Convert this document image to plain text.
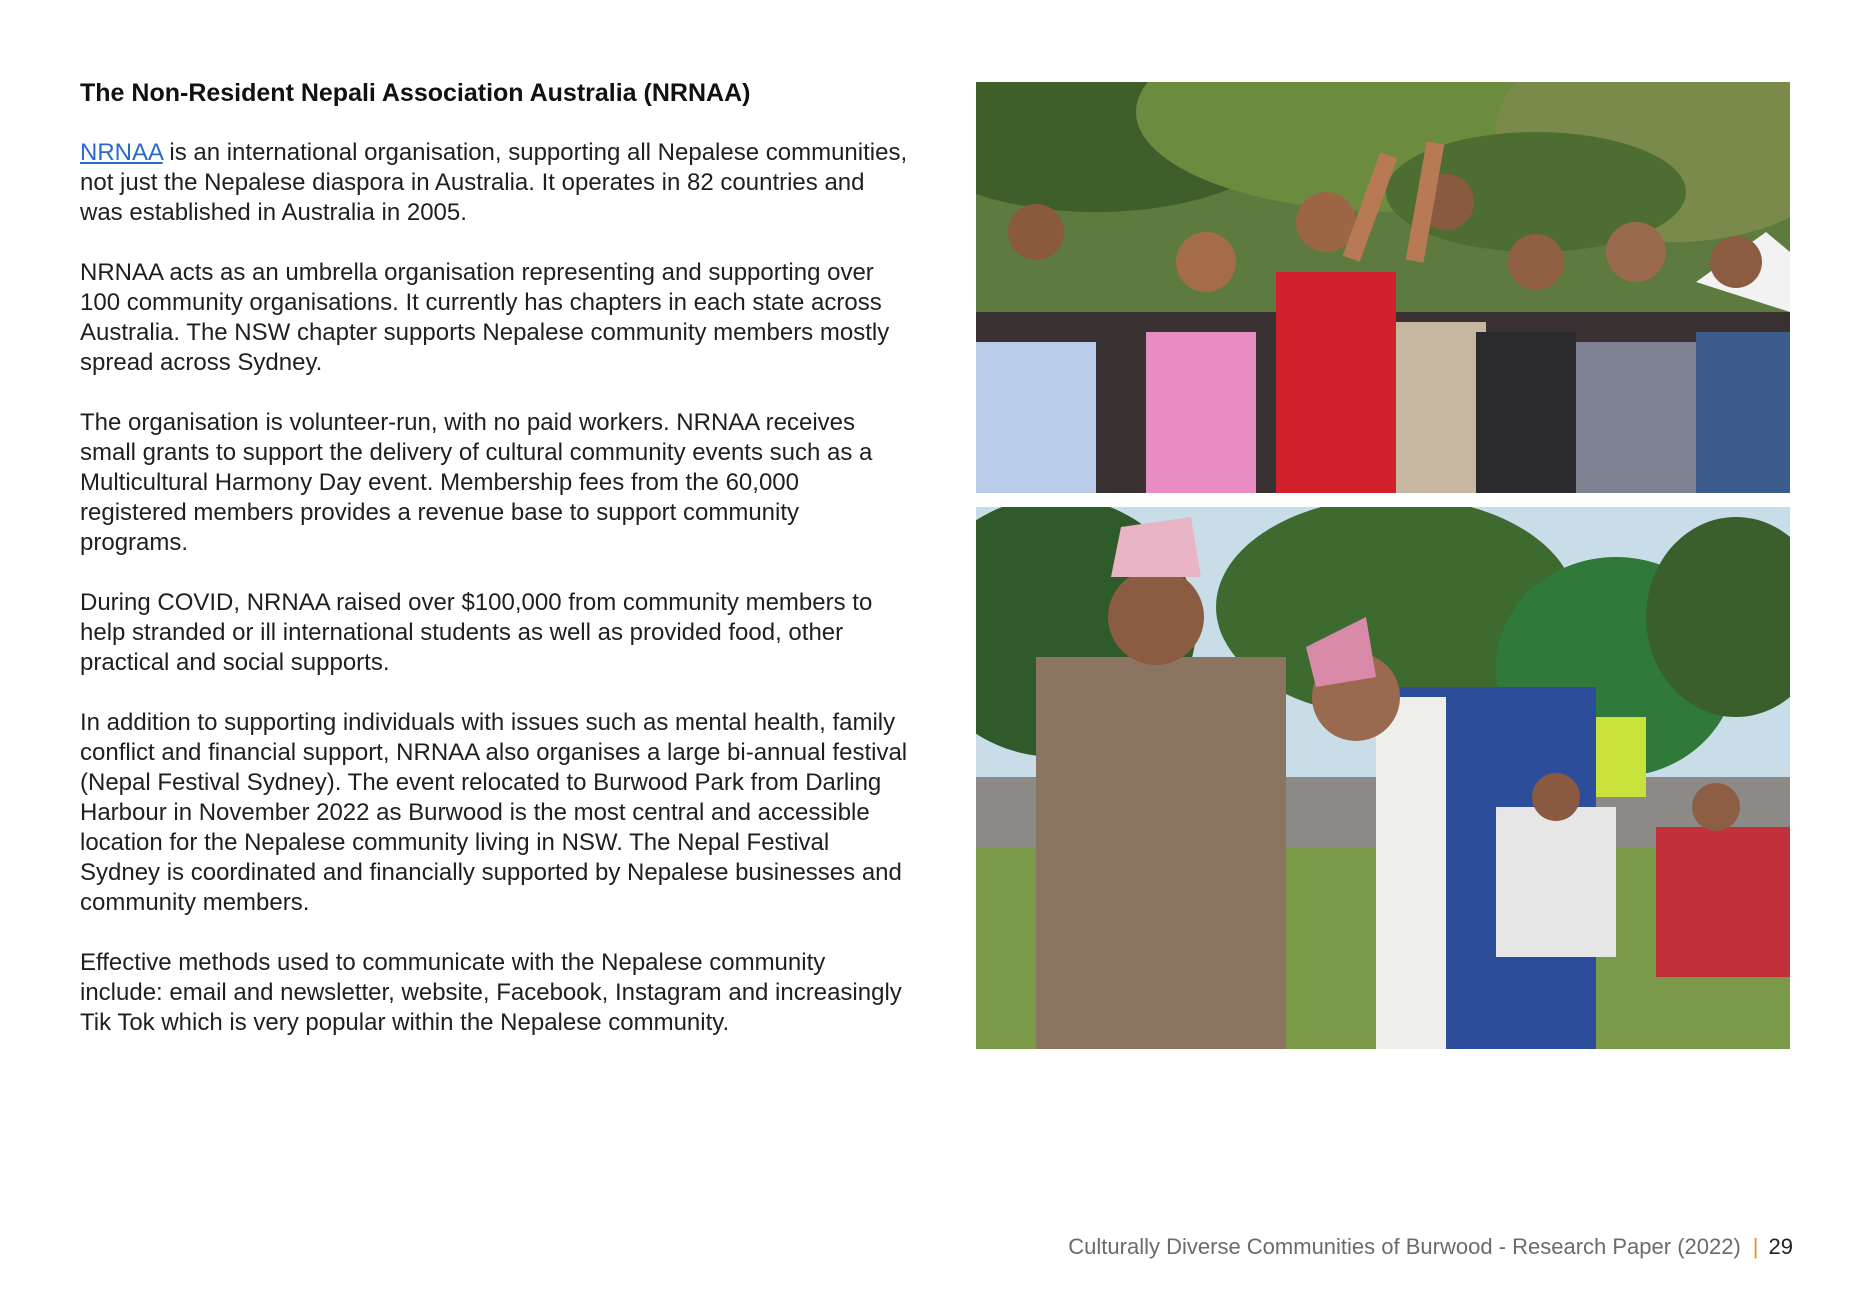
The Non-Resident Nepali Association Australia (NRNAA)

NRNAA is an international organisation, supporting all Nepalese communities, not just the Nepalese diaspora in Australia. It operates in 82 countries and was established in Australia in 2005.

NRNAA acts as an umbrella organisation representing and supporting over 100 community organisations. It currently has chapters in each state across Australia. The NSW chapter supports Nepalese community members mostly spread across Sydney.

The organisation is volunteer-run, with no paid workers. NRNAA receives small grants to support the delivery of cultural community events such as a Multicultural Harmony Day event. Membership fees from the 60,000 registered members provides a revenue base to support community programs.

During COVID, NRNAA raised over $100,000 from community members to help stranded or ill international students as well as provided food, other practical and social supports.

In addition to supporting individuals with issues such as mental health, family conflict and financial support, NRNAA also organises a large bi-annual festival (Nepal Festival Sydney). The event relocated to Burwood Park from Darling Harbour in November 2022 as Burwood is the most central and accessible location for the Nepalese community living in NSW. The Nepal Festival Sydney is coordinated and financially supported by Nepalese businesses and community members.

Effective methods used to communicate with the Nepalese community include: email and newsletter, website, Facebook, Instagram and increasingly Tik Tok which is very popular within the Nepalese community.

Culturally Diverse Communities of Burwood - Research Paper (2022) | 29
